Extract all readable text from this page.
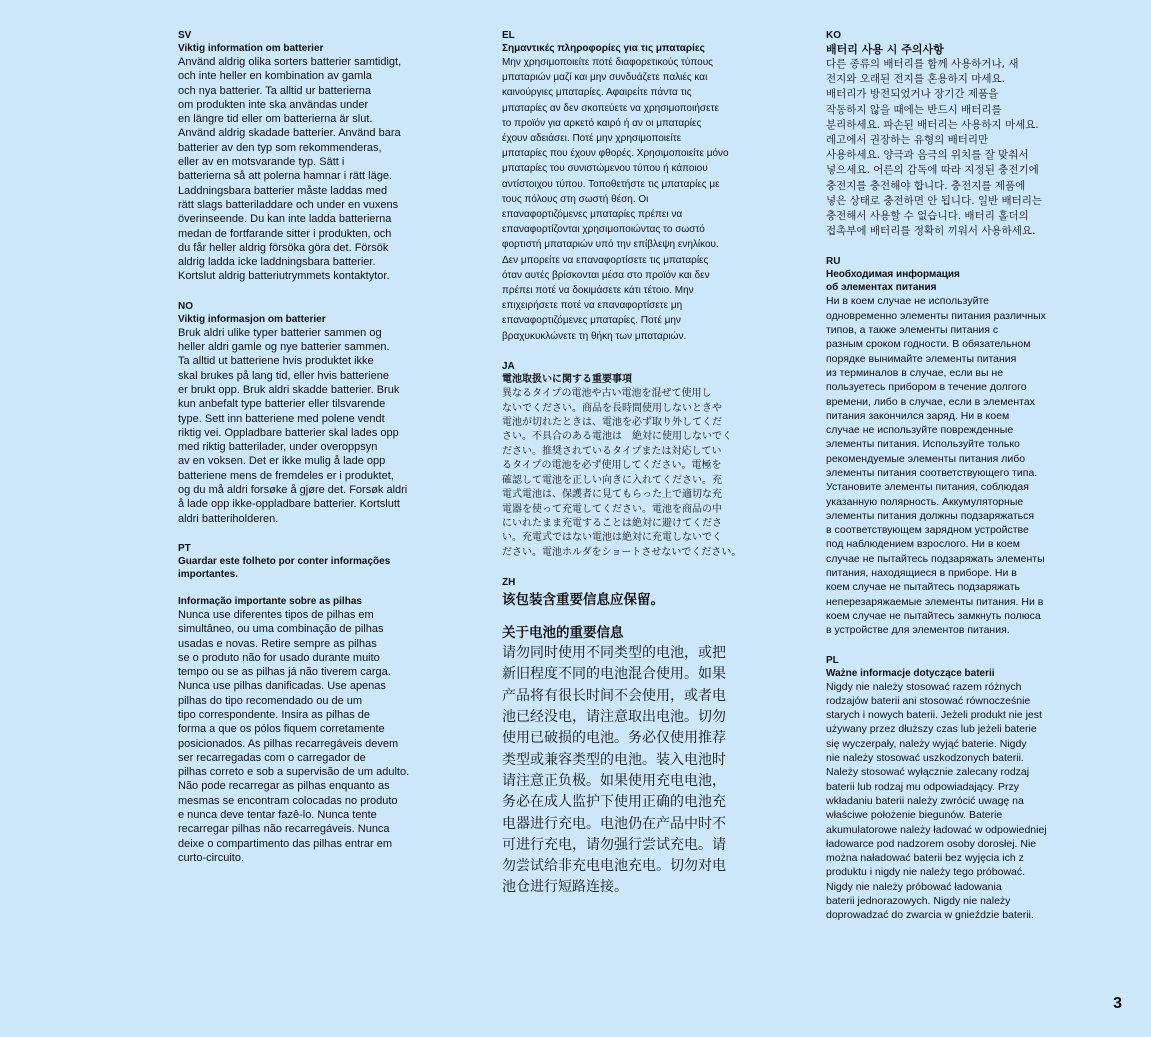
SV
Viktig information om batterier
Använd aldrig olika sorters batterier samtidigt,
och inte heller en kombination av gamla
och nya batterier. Ta alltid ur batterierna
om produkten inte ska användas under
en längre tid eller om batterierna är slut.
Använd aldrig skadade batterier. Använd bara
batterier av den typ som rekommenderas,
eller av en motsvarande typ. Sätt i
batterierna så att polerna hamnar i rätt läge.
Laddningsbara batterier måste laddas med
rätt slags batteriladdare och under en vuxens
överinseende. Du kan inte ladda batterierna
medan de fortfarande sitter i produkten, och
du får heller aldrig försöka göra det. Försök
aldrig ladda icke laddningsbara batterier.
Kortslut aldrig batteriutrymmets kontaktytor.
NO
Viktig informasjon om batterier
Bruk aldri ulike typer batterier sammen og
heller aldri gamle og nye batterier sammen.
Ta alltid ut batteriene hvis produktet ikke
skal brukes på lang tid, eller hvis batteriene
er brukt opp. Bruk aldri skadde batterier. Bruk
kun anbefalt type batterier eller tilsvarende
type. Sett inn batteriene med polene vendt
riktig vei. Oppladbare batterier skal lades opp
med riktig batterilader, under overoppsyn
av en voksen. Det er ikke mulig å lade opp
batteriene mens de fremdeles er i produktet,
og du må aldri forsøke å gjøre det. Forsøk aldri
å lade opp ikke-oppladbare batterier. Kortslutt
aldri batteriholderen.
PT
Guardar este folheto por conter informações
importantes.
Informação importante sobre as pilhas
Nunca use diferentes tipos de pilhas em
simultâneo, ou uma combinação de pilhas
usadas e novas. Retire sempre as pilhas
se o produto não for usado durante muito
tempo ou se as pilhas já não tiverem carga.
Nunca use pilhas danificadas. Use apenas
pilhas do tipo recomendado ou de um
tipo correspondente. Insira as pilhas de
forma a que os pólos fiquem corretamente
posicionados. As pilhas recarregáveis devem
ser recarregadas com o carregador de
pilhas correto e sob a supervisão de um adulto.
Não pode recarregar as pilhas enquanto as
mesmas se encontram colocadas no produto
e nunca deve tentar fazê-lo. Nunca tente
recarregar pilhas não recarregáveis. Nunca
deixe o compartimento das pilhas entrar em
curto-circuito.
EL
Σημαντικές πληροφορίες για τις μπαταρίες
Μην χρησιμοποιείτε ποτέ διαφορετικούς τύπους
μπαταριών μαζί και μην συνδυάζετε παλιές και
καινούργιες μπαταρίες. Αφαιρείτε πάντα τις
μπαταρίες αν δεν σκοπεύετε να χρησιμοποιήσετε
το προϊόν για αρκετό καιρό ή αν οι μπαταρίες
έχουν αδειάσει. Ποτέ μην χρησιμοποιείτε
μπαταρίες που έχουν φθορές. Χρησιμοποιείτε μόνο
μπαταρίες του συνιστώμενου τύπου ή κάποιου
αντίστοιχου τύπου. Τοποθετήστε τις μπαταρίες με
τους πόλους στη σωστή θέση. Οι
επαναφορτιζόμενες μπαταρίες πρέπει να
επαναφορτίζονται χρησιμοποιώντας το σωστό
φορτιστή μπαταριών υπό την επίβλεψη ενηλίκου.
Δεν μπορείτε να επαναφορτίσετε τις μπαταρίες
όταν αυτές βρίσκονται μέσα στο προϊόν και δεν
πρέπει ποτέ να δοκιμάσετε κάτι τέτοιο. Μην
επιχειρήσετε ποτέ να επαναφορτίσετε μη
επαναφορτιζόμενες μπαταρίες. Ποτέ μην
βραχυκυκλώνετε τη θήκη των μπαταριών.
JA
電池取扱いに関する重要事項
異なるタイプの電池や古い電池を混ぜて使用し
ないでください。商品を長時間使用しないときや
電池が切れたときは、電池を必ず取り外してくだ
さい。不具合のある電池は　絶対に使用しないでく
ださい。推奨されているタイプまたは対応してい
るタイプの電池を必ず使用してください。電極を
確認して電池を正しい向きに入れてください。充
電式電池は、保護者に見てもらった上で適切な充
電器を使って充電してください。電池を商品の中
にいれたまま充電することは絶対に避けてくださ
い。充電式ではない電池は絶対に充電しないでく
ださい。電池ホルダをショートさせないでください。
ZH
该包装含重要信息应保留。
关于电池的重要信息
请勿同时使用不同类型的电池，或把
新旧程度不同的电池混合使用。如果
产品将有很长时间不会使用，或者电
池已经没电，请注意取出电池。切勿
使用已破损的电池。务必仅使用推荐
类型或兼容类型的电池。装入电池时
请注意正负极。如果使用充电电池，
务必在成人监护下使用正确的电池充
电器进行充电。电池仍在产品中时不
可进行充电，请勿强行尝试充电。请
勿尝试给非充电电池充电。切勿对电
池仓进行短路连接。
KO
배터리 사용 시 주의사항
다른 종류의 배터리를 함께 사용하거나, 새
전지와 오래된 전지를 혼용하지 마세요.
배터리가 방전되었거나 장기간 제품을
작동하지 않을 때에는 반드시 배터리를
분리하세요. 파손된 배터리는 사용하지 마세요.
레고에서 권장하는 유형의 배터리만
사용하세요. 양극과 음극의 위치를 잘 맞춰서
넣으세요. 어른의 감독에 따라 지정된 충전기에
충전지를 충전해야 합니다. 충전지를 제품에
넣은 상태로 충전하면 안 됩니다. 일반 배터리는
충전해서 사용할 수 없습니다. 배터리 홀더의
접촉부에 배터리를 정확히 끼워서 사용하세요.
RU
Необходимая информация
об элементах питания
Ни в коем случае не используйте
одновременно элементы питания различных
типов, а также элементы питания с
разным сроком годности. В обязательном
порядке вынимайте элементы питания
из терминалов в случае, если вы не
пользуетесь прибором в течение долгого
времени, либо в случае, если в элементах
питания закончился заряд. Ни в коем
случае не используйте поврежденные
элементы питания. Используйте только
рекомендуемые элементы питания либо
элементы питания соответствующего типа.
Установите элементы питания, соблюдая
указанную полярность. Аккумуляторные
элементы питания должны подзаряжаться
в соответствующем зарядном устройстве
под наблюдением взрослого. Ни в коем
случае не пытайтесь подзаряжать элементы
питания, находящиеся в приборе. Ни в
коем случае не пытайтесь подзаряжать
неперезаряжаемые элементы питания. Ни в
коем случае не пытайтесь замкнуть полюса
в устройстве для элементов питания.
PL
Ważne informacje dotyczące baterii
Nigdy nie należy stosować razem różnych
rodzajów baterii ani stosować równocześnie
starych i nowych baterii. Jeżeli produkt nie jest
używany przez dłuższy czas lub jeżeli baterie
się wyczerpały, należy wyjąć baterie. Nigdy
nie należy stosować uszkodzonych baterii.
Należy stosować wyłącznie zalecany rodzaj
baterii lub rodzaj mu odpowiadający. Przy
wkładaniu baterii należy zwrócić uwagę na
właściwe położenie biegunów. Baterie
akumulatorowe należy ładować w odpowiedniej
ładowarce pod nadzorem osoby dorosłej. Nie
można naładować baterii bez wyjęcia ich z
produktu i nigdy nie należy tego próbować.
Nigdy nie należy próbować ładowania
baterii jednorazowych. Nigdy nie należy
doprowadzać do zwarcia w gnieździe baterii.
3
